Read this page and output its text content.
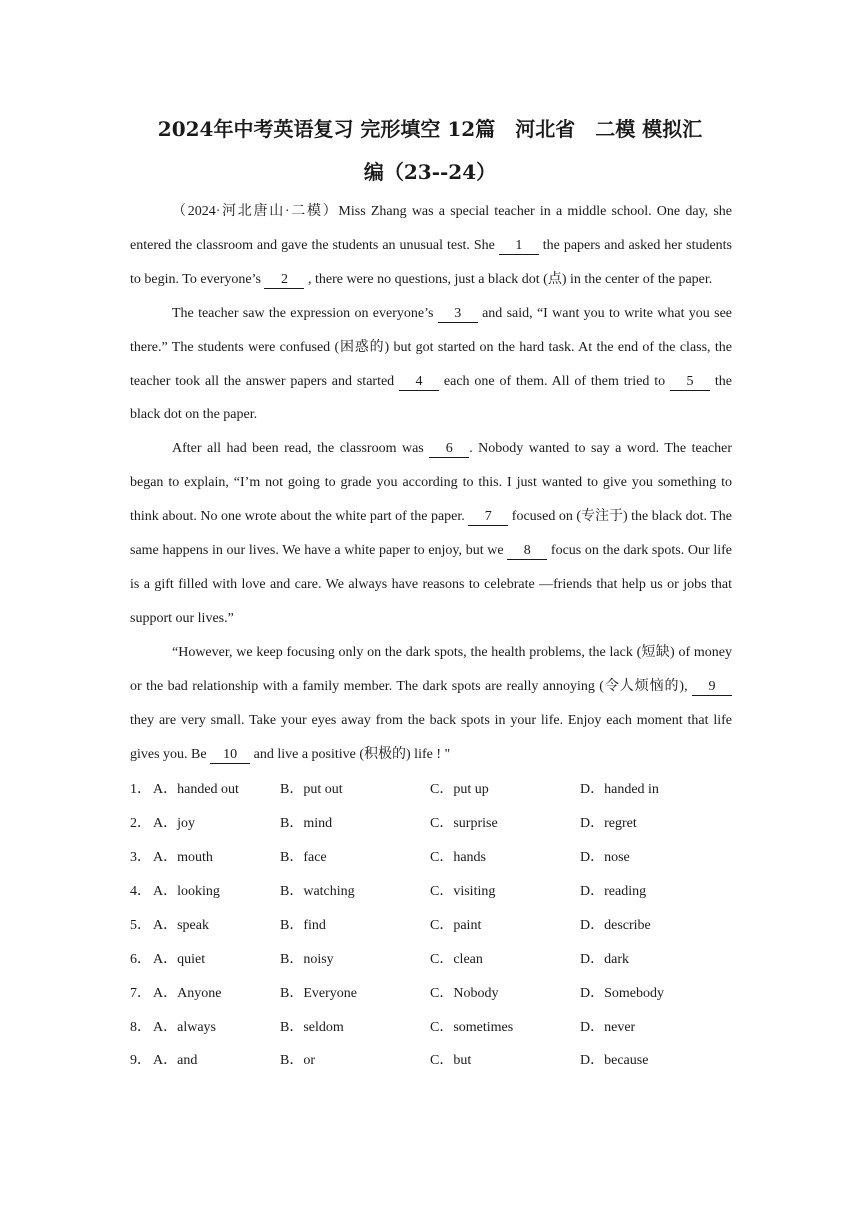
2024年中考英语复习 完形填空 12篇　河北省　二模 模拟汇
编（23--24）

（2024·河北唐山·二模）Miss Zhang was a special teacher in a middle school. One day, she entered the classroom and gave the students an unusual test. She 1 the papers and asked her students to begin. To everyone’s 2 , there were no questions, just a black dot (点) in the center of the paper.

The teacher saw the expression on everyone’s 3 and said, “I want you to write what you see there.” The students were confused (困惑的) but got started on the hard task. At the end of the class, the teacher took all the answer papers and started 4 each one of them. All of them tried to 5 the black dot on the paper.

After all had been read, the classroom was 6 . Nobody wanted to say a word. The teacher began to explain, “I’m not going to grade you according to this. I just wanted to give you something to think about. No one wrote about the white part of the paper. 7 focused on (专注于) the black dot. The same happens in our lives. We have a white paper to enjoy, but we 8 focus on the dark spots. Our life is a gift filled with love and care. We always have reasons to celebrate —friends that help us or jobs that support our lives.”

“However, we keep focusing only on the dark spots, the health problems, the lack (短缺) of money or the bad relationship with a family member. The dark spots are really annoying (令人烦恼的), 9 they are very small. Take your eyes away from the back spots in your life. Enjoy each moment that life gives you. Be 10 and live a positive (积极的) life ! "

1． A．handed out	B．put out	C．put up	D．handed in
2． A．joy	B．mind	C．surprise	D．regret
3． A．mouth	B．face	C．hands	D．nose
4． A．looking	B．watching	C．visiting	D．reading
5． A．speak	B．find	C．paint	D．describe
6． A．quiet	B．noisy	C．clean	D．dark
7． A．Anyone	B．Everyone	C．Nobody	D．Somebody
8． A．always	B．seldom	C．sometimes	D．never
9． A．and	B．or	C．but	D．because
